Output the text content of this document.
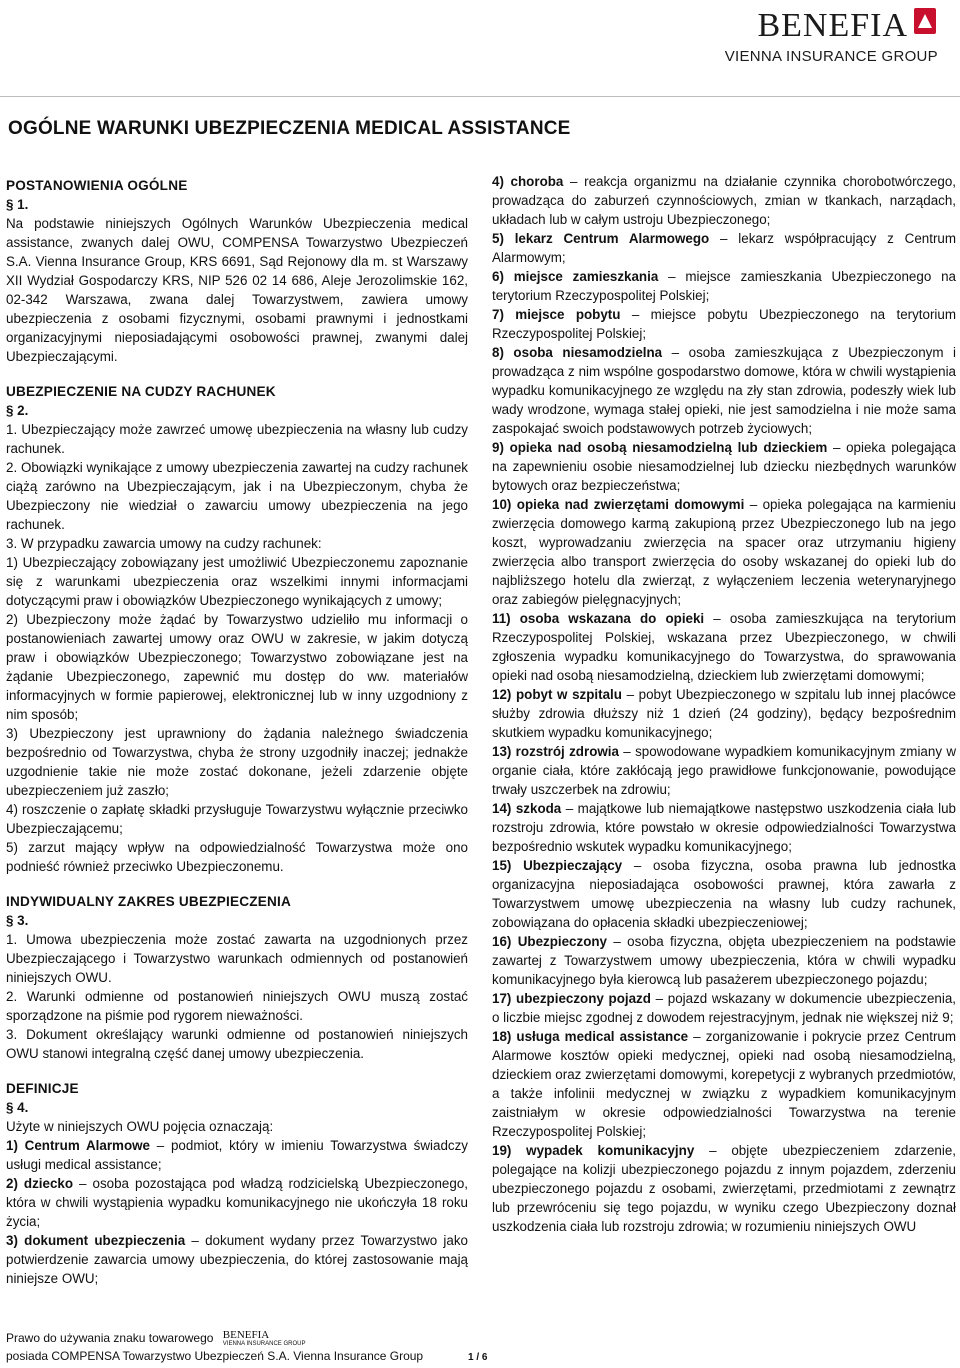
BENEFIA
VIENNA INSURANCE GROUP
OGÓLNE WARUNKI UBEZPIECZENIA MEDICAL ASSISTANCE
POSTANOWIENIA OGÓLNE

§ 1.

Na podstawie niniejszych Ogólnych Warunków Ubezpieczenia medical assistance, zwanych dalej OWU, COMPENSA Towarzystwo Ubezpieczeń S.A. Vienna Insurance Group, KRS 6691, Sąd Rejonowy dla m. st Warszawy XII Wydział Gospodarczy KRS, NIP 526 02 14 686, Aleje Jerozolimskie 162, 02-342 Warszawa, zwana dalej Towarzystwem, zawiera umowy ubezpieczenia z osobami fizycznymi, osobami prawnymi i jednostkami organizacyjnymi nieposiadającymi osobowości prawnej, zwanymi dalej Ubezpieczającymi.

UBEZPIECZENIE NA CUDZY RACHUNEK

§ 2.

1. Ubezpieczający może zawrzeć umowę ubezpieczenia na własny lub cudzy rachunek.

2. Obowiązki wynikające z umowy ubezpieczenia zawartej na cudzy rachunek ciążą zarówno na Ubezpieczającym, jak i na Ubezpieczonym, chyba że Ubezpieczony nie wiedział o zawarciu umowy ubezpieczenia na jego rachunek.

3. W przypadku zawarcia umowy na cudzy rachunek:

1) Ubezpieczający zobowiązany jest umożliwić Ubezpieczonemu zapoznanie się z warunkami ubezpieczenia oraz wszelkimi innymi informacjami dotyczącymi praw i obowiązków Ubezpieczonego wynikających z umowy;

2) Ubezpieczony może żądać by Towarzystwo udzieliło mu informacji o postanowieniach zawartej umowy oraz OWU w zakresie, w jakim dotyczą praw i obowiązków Ubezpieczonego; Towarzystwo zobowiązane jest na żądanie Ubezpieczonego, zapewnić mu dostęp do ww. materiałów informacyjnych w formie papierowej, elektronicznej lub w inny uzgodniony z nim sposób;

3) Ubezpieczony jest uprawniony do żądania należnego świadczenia bezpośrednio od Towarzystwa, chyba że strony uzgodniły inaczej; jednakże uzgodnienie takie nie może zostać dokonane, jeżeli zdarzenie objęte ubezpieczeniem już zaszło;

4) roszczenie o zapłatę składki przysługuje Towarzystwu wyłącznie przeciwko Ubezpieczającemu;

5) zarzut mający wpływ na odpowiedzialność Towarzystwa może ono podnieść również przeciwko Ubezpieczonemu.

INDYWIDUALNY ZAKRES UBEZPIECZENIA

§ 3.

1. Umowa ubezpieczenia może zostać zawarta na uzgodnionych przez Ubezpieczającego i Towarzystwo warunkach odmiennych od postanowień niniejszych OWU.

2. Warunki odmienne od postanowień niniejszych OWU muszą zostać sporządzone na piśmie pod rygorem nieważności.

3. Dokument określający warunki odmienne od postanowień niniejszych OWU stanowi integralną część danej umowy ubezpieczenia.

DEFINICJE

§ 4.

Użyte w niniejszych OWU pojęcia oznaczają:

1) Centrum Alarmowe – podmiot, który w imieniu Towarzystwa świadczy usługi medical assistance;

2) dziecko – osoba pozostająca pod władzą rodzicielską Ubezpieczonego, która w chwili wystąpienia wypadku komunikacyjnego nie ukończyła 18 roku życia;

3) dokument ubezpieczenia – dokument wydany przez Towarzystwo jako potwierdzenie zawarcia umowy ubezpieczenia, do której zastosowanie mają niniejsze OWU;

4) choroba – reakcja organizmu na działanie czynnika chorobotwórczego, prowadząca do zaburzeń czynnościowych, zmian w tkankach, narządach, układach lub w całym ustroju Ubezpieczonego;

5) lekarz Centrum Alarmowego – lekarz współpracujący z Centrum Alarmowym;

6) miejsce zamieszkania – miejsce zamieszkania Ubezpieczonego na terytorium Rzeczypospolitej Polskiej;

7) miejsce pobytu – miejsce pobytu Ubezpieczonego na terytorium Rzeczypospolitej Polskiej;

8) osoba niesamodzielna – osoba zamieszkująca z Ubezpieczonym i prowadząca z nim wspólne gospodarstwo domowe, która w chwili wystąpienia wypadku komunikacyjnego ze względu na zły stan zdrowia, podeszły wiek lub wady wrodzone, wymaga stałej opieki, nie jest samodzielna i nie może sama zaspokajać swoich podstawowych potrzeb życiowych;

9) opieka nad osobą niesamodzielną lub dzieckiem – opieka polegająca na zapewnieniu osobie niesamodzielnej lub dziecku niezbędnych warunków bytowych oraz bezpieczeństwa;

10) opieka nad zwierzętami domowymi – opieka polegająca na karmieniu zwierzęcia domowego karmą zakupioną przez Ubezpieczonego lub na jego koszt, wyprowadzaniu zwierzęcia na spacer oraz utrzymaniu higieny zwierzęcia albo transport zwierzęcia do osoby wskazanej do opieki lub do najbliższego hotelu dla zwierząt, z wyłączeniem leczenia weterynaryjnego oraz zabiegów pielęgnacyjnych;

11) osoba wskazana do opieki – osoba zamieszkująca na terytorium Rzeczypospolitej Polskiej, wskazana przez Ubezpieczonego, w chwili zgłoszenia wypadku komunikacyjnego do Towarzystwa, do sprawowania opieki nad osobą niesamodzielną, dzieckiem lub zwierzętami domowymi;

12) pobyt w szpitalu – pobyt Ubezpieczonego w szpitalu lub innej placówce służby zdrowia dłuższy niż 1 dzień (24 godziny), będący bezpośrednim skutkiem wypadku komunikacyjnego;

13) rozstrój zdrowia – spowodowane wypadkiem komunikacyjnym zmiany w organie ciała, które zakłócają jego prawidłowe funkcjonowanie, powodujące trwały uszczerbek na zdrowiu;

14) szkoda – majątkowe lub niemajątkowe następstwo uszkodzenia ciała lub rozstroju zdrowia, które powstało w okresie odpowiedzialności Towarzystwa bezpośrednio wskutek wypadku komunikacyjnego;

15) Ubezpieczający – osoba fizyczna, osoba prawna lub jednostka organizacyjna nieposiadająca osobowości prawnej, która zawarła z Towarzystwem umowę ubezpieczenia na własny lub cudzy rachunek, zobowiązana do opłacenia składki ubezpieczeniowej;

16) Ubezpieczony – osoba fizyczna, objęta ubezpieczeniem na podstawie zawartej z Towarzystwem umowy ubezpieczenia, która w chwili wypadku komunikacyjnego była kierowcą lub pasażerem ubezpieczonego pojazdu;

17) ubezpieczony pojazd – pojazd wskazany w dokumencie ubezpieczenia, o liczbie miejsc zgodnej z dowodem rejestracyjnym, jednak nie większej niż 9;

18) usługa medical assistance – zorganizowanie i pokrycie przez Centrum Alarmowe kosztów opieki medycznej, opieki nad osobą niesamodzielną, dzieckiem oraz zwierzętami domowymi, korepetycji z wybranych przedmiotów, a także infolinii medycznej w związku z wypadkiem komunikacyjnym zaistniałym w okresie odpowiedzialności Towarzystwa na terenie Rzeczypospolitej Polskiej;

19) wypadek komunikacyjny – objęte ubezpieczeniem zdarzenie, polegające na kolizji ubezpieczonego pojazdu z innym pojazdem, zderzeniu ubezpieczonego pojazdu z osobami, zwierzętami, przedmiotami z zewnątrz lub przewróceniu się tego pojazdu, w wyniku czego Ubezpieczony doznał uszkodzenia ciała lub rozstroju zdrowia; w rozumieniu niniejszych OWU

Prawo do używania znaku towarowego BENEFIA
VIENNA INSURANCE GROUP
posiada COMPENSA Towarzystwo Ubezpieczeń S.A. Vienna Insurance Group	1 / 6
